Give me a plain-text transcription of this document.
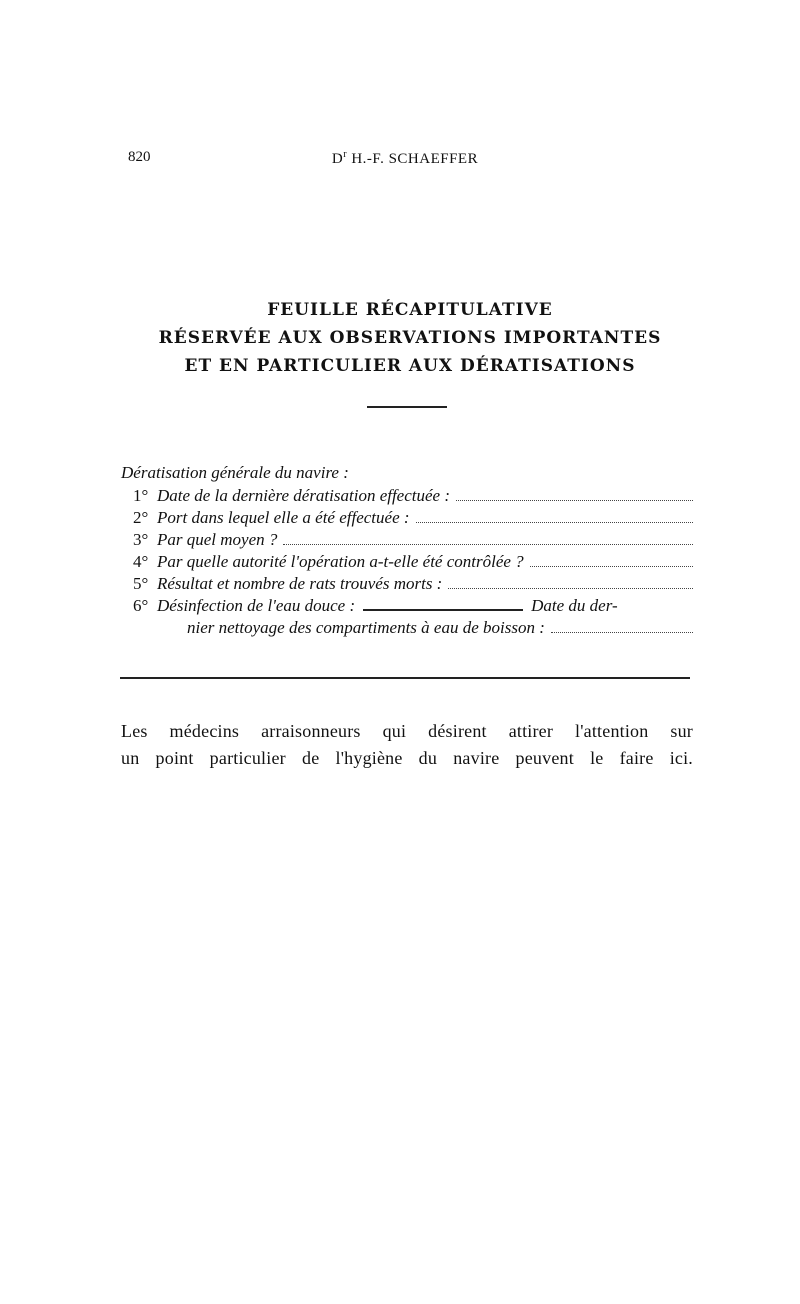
820	$D^r$ H.-F. SCHAEFFER
FEUILLE RÉCAPITULATIVE
RÉSERVÉE AUX OBSERVATIONS IMPORTANTES
ET EN PARTICULIER AUX DÉRATISATIONS
Dératisation générale du navire :
1° Date de la dernière dératisation effectuée :
2° Port dans lequel elle a été effectuée :
3° Par quel moyen ?
4° Par quelle autorité l'opération a-t-elle été contrôlée ?
5° Résultat et nombre de rats trouvés morts :
6° Désinfection de l'eau douce :	Date du der-
nier nettoyage des compartiments à eau de boisson :
Les médecins arraisonneurs qui désirent attirer l'attention sur
un point particulier de l'hygiène du navire peuvent le faire ici.
